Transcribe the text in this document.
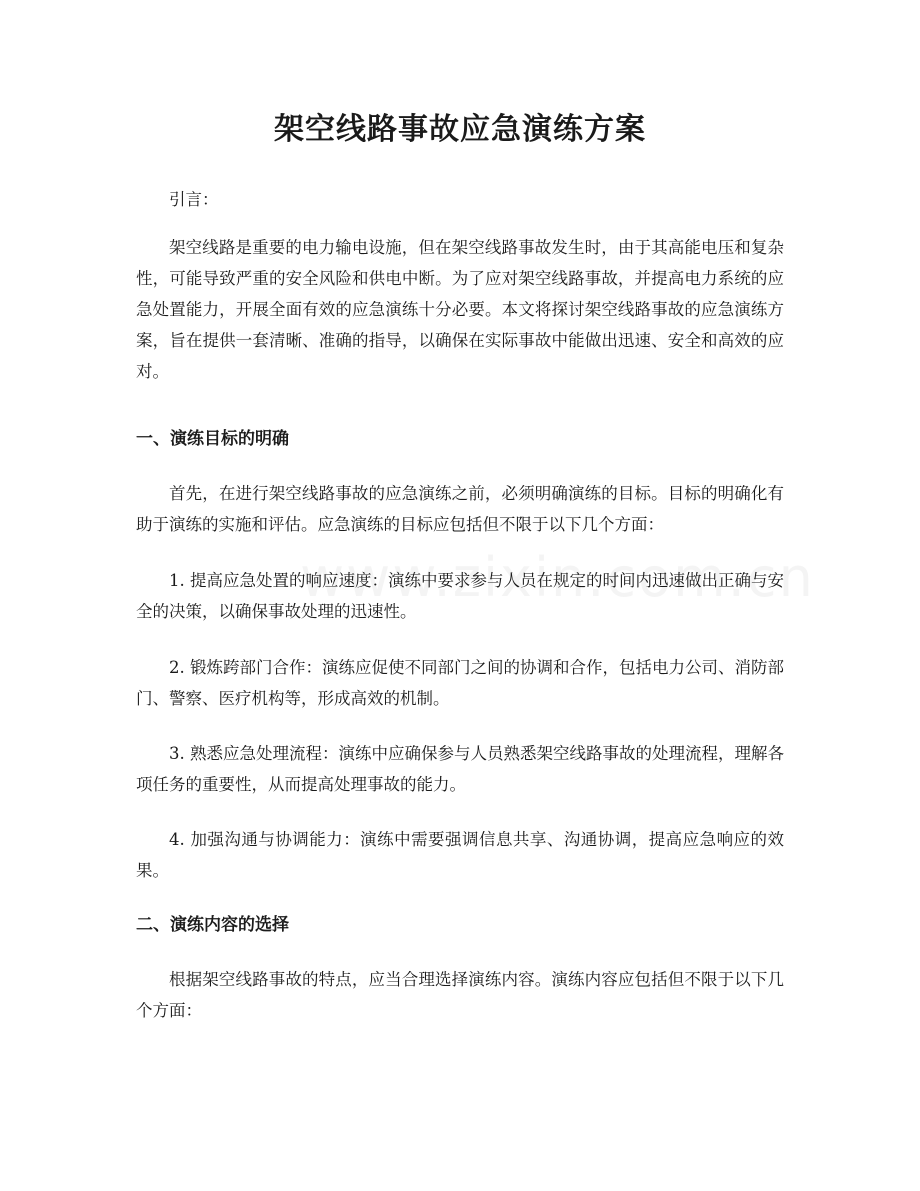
架空线路事故应急演练方案

引言：

架空线路是重要的电力输电设施，但在架空线路事故发生时，由于其高能电压和复杂性，可能导致严重的安全风险和供电中断。为了应对架空线路事故，并提高电力系统的应急处置能力，开展全面有效的应急演练十分必要。本文将探讨架空线路事故的应急演练方案，旨在提供一套清晰、准确的指导，以确保在实际事故中能做出迅速、安全和高效的应对。

一、演练目标的明确

首先，在进行架空线路事故的应急演练之前，必须明确演练的目标。目标的明确化有助于演练的实施和评估。应急演练的目标应包括但不限于以下几个方面：

1. 提高应急处置的响应速度：演练中要求参与人员在规定的时间内迅速做出正确与安全的决策，以确保事故处理的迅速性。

2. 锻炼跨部门合作：演练应促使不同部门之间的协调和合作，包括电力公司、消防部门、警察、医疗机构等，形成高效的机制。

3. 熟悉应急处理流程：演练中应确保参与人员熟悉架空线路事故的处理流程，理解各项任务的重要性，从而提高处理事故的能力。

4. 加强沟通与协调能力：演练中需要强调信息共享、沟通协调，提高应急响应的效果。

二、演练内容的选择

根据架空线路事故的特点，应当合理选择演练内容。演练内容应包括但不限于以下几个方面：
